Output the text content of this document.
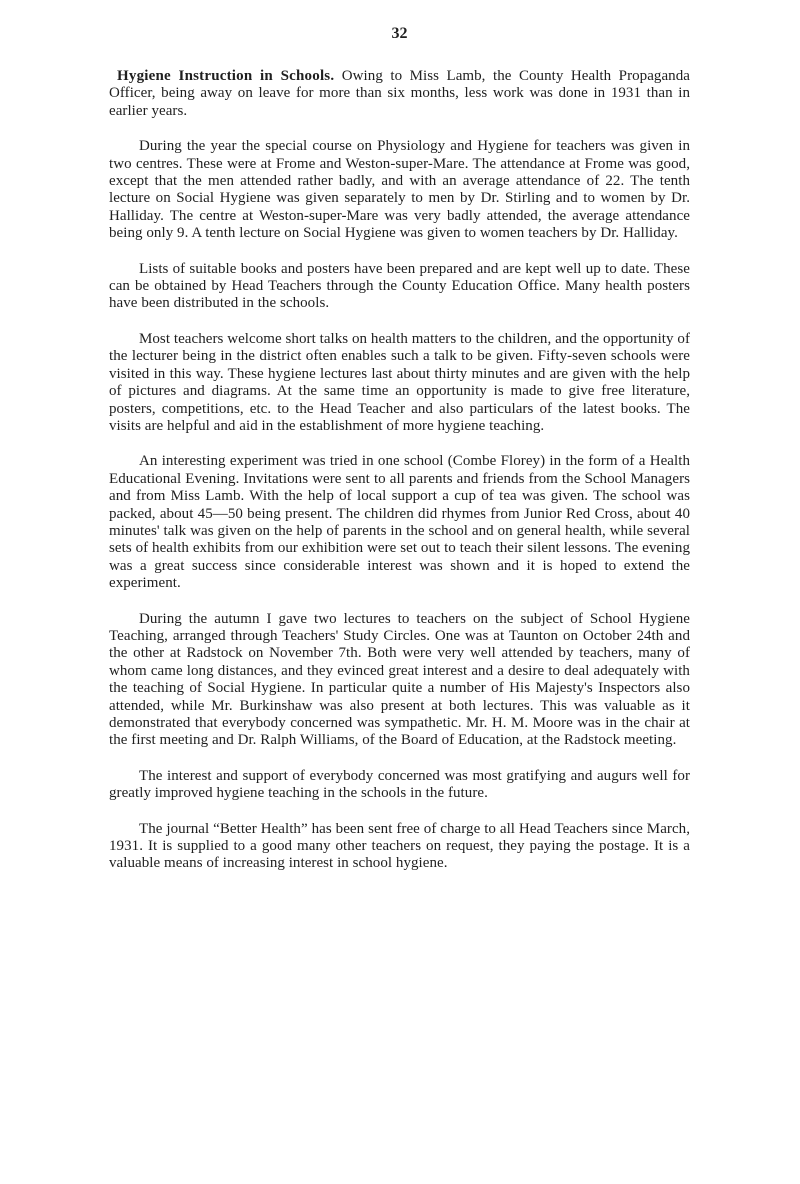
32

Hygiene Instruction in Schools. Owing to Miss Lamb, the County Health Propaganda Officer, being away on leave for more than six months, less work was done in 1931 than in earlier years.

During the year the special course on Physiology and Hygiene for teachers was given in two centres. These were at Frome and Weston-super-Mare. The attendance at Frome was good, except that the men attended rather badly, and with an average attendance of 22. The tenth lecture on Social Hygiene was given separately to men by Dr. Stirling and to women by Dr. Halliday. The centre at Weston-super-Mare was very badly attended, the average attendance being only 9. A tenth lecture on Social Hygiene was given to women teachers by Dr. Halliday.

Lists of suitable books and posters have been prepared and are kept well up to date. These can be obtained by Head Teachers through the County Education Office. Many health posters have been distributed in the schools.

Most teachers welcome short talks on health matters to the children, and the opportunity of the lecturer being in the district often enables such a talk to be given. Fifty-seven schools were visited in this way. These hygiene lectures last about thirty minutes and are given with the help of pictures and diagrams. At the same time an opportunity is made to give free literature, posters, competitions, etc. to the Head Teacher and also particulars of the latest books. The visits are helpful and aid in the establishment of more hygiene teaching.

An interesting experiment was tried in one school (Combe Florey) in the form of a Health Educational Evening. Invitations were sent to all parents and friends from the School Managers and from Miss Lamb. With the help of local support a cup of tea was given. The school was packed, about 45—50 being present. The children did rhymes from Junior Red Cross, about 40 minutes' talk was given on the help of parents in the school and on general health, while several sets of health exhibits from our exhibition were set out to teach their silent lessons. The evening was a great success since considerable interest was shown and it is hoped to extend the experiment.

During the autumn I gave two lectures to teachers on the subject of School Hygiene Teaching, arranged through Teachers' Study Circles. One was at Taunton on October 24th and the other at Radstock on November 7th. Both were very well attended by teachers, many of whom came long distances, and they evinced great interest and a desire to deal adequately with the teaching of Social Hygiene. In particular quite a number of His Majesty's Inspectors also attended, while Mr. Burkinshaw was also present at both lectures. This was valuable as it demonstrated that everybody concerned was sympathetic. Mr. H. M. Moore was in the chair at the first meeting and Dr. Ralph Williams, of the Board of Education, at the Radstock meeting.

The interest and support of everybody concerned was most gratifying and augurs well for greatly improved hygiene teaching in the schools in the future.

The journal “Better Health” has been sent free of charge to all Head Teachers since March, 1931. It is supplied to a good many other teachers on request, they paying the postage. It is a valuable means of increasing interest in school hygiene.
